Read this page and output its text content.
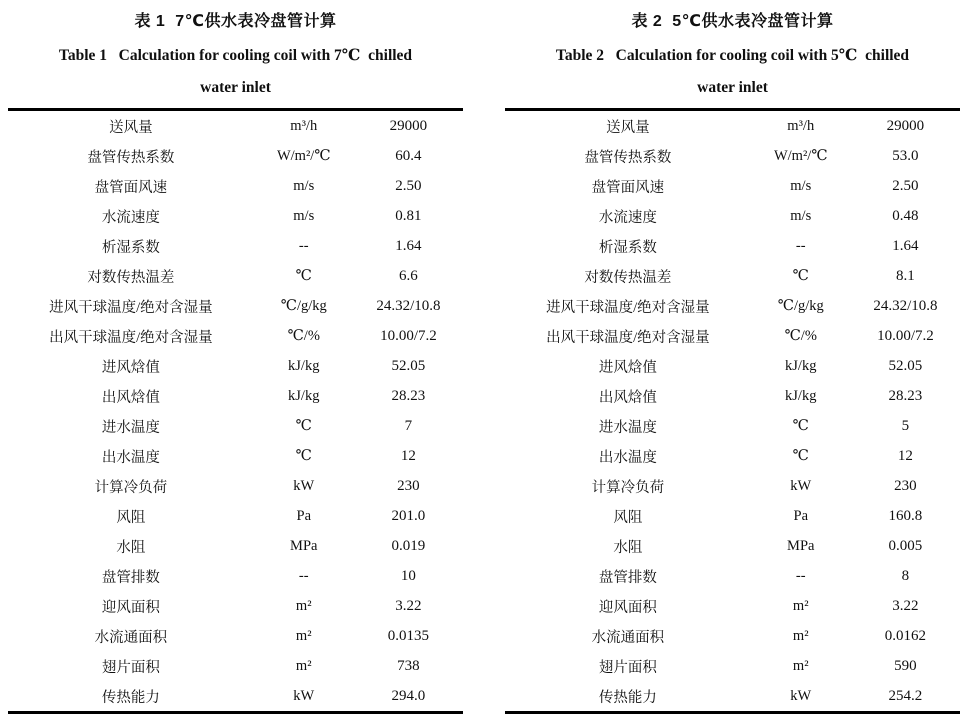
表 1  7℃供水表冷盘管计算
Table 1   Calculation for cooling coil with 7℃  chilled
water inlet
送风量	m³/h	29000
盘管传热系数	W/m²/℃	60.4
盘管面风速	m/s	2.50
水流速度	m/s	0.81
析湿系数	--	1.64
对数传热温差	℃	6.6
进风干球温度/绝对含湿量	℃/g/kg	24.32/10.8
出风干球温度/绝对含湿量	℃/%	10.00/7.2
进风焓值	kJ/kg	52.05
出风焓值	kJ/kg	28.23
进水温度	℃	7
出水温度	℃	12
计算冷负荷	kW	230
风阻	Pa	201.0
水阻	MPa	0.019
盘管排数	--	10
迎风面积	m²	3.22
水流通面积	m²	0.0135
翅片面积	m²	738
传热能力	kW	294.0
表 2  5℃供水表冷盘管计算
Table 2   Calculation for cooling coil with 5℃  chilled
water inlet
送风量	m³/h	29000
盘管传热系数	W/m²/℃	53.0
盘管面风速	m/s	2.50
水流速度	m/s	0.48
析湿系数	--	1.64
对数传热温差	℃	8.1
进风干球温度/绝对含湿量	℃/g/kg	24.32/10.8
出风干球温度/绝对含湿量	℃/%	10.00/7.2
进风焓值	kJ/kg	52.05
出风焓值	kJ/kg	28.23
进水温度	℃	5
出水温度	℃	12
计算冷负荷	kW	230
风阻	Pa	160.8
水阻	MPa	0.005
盘管排数	--	8
迎风面积	m²	3.22
水流通面积	m²	0.0162
翅片面积	m²	590
传热能力	kW	254.2
